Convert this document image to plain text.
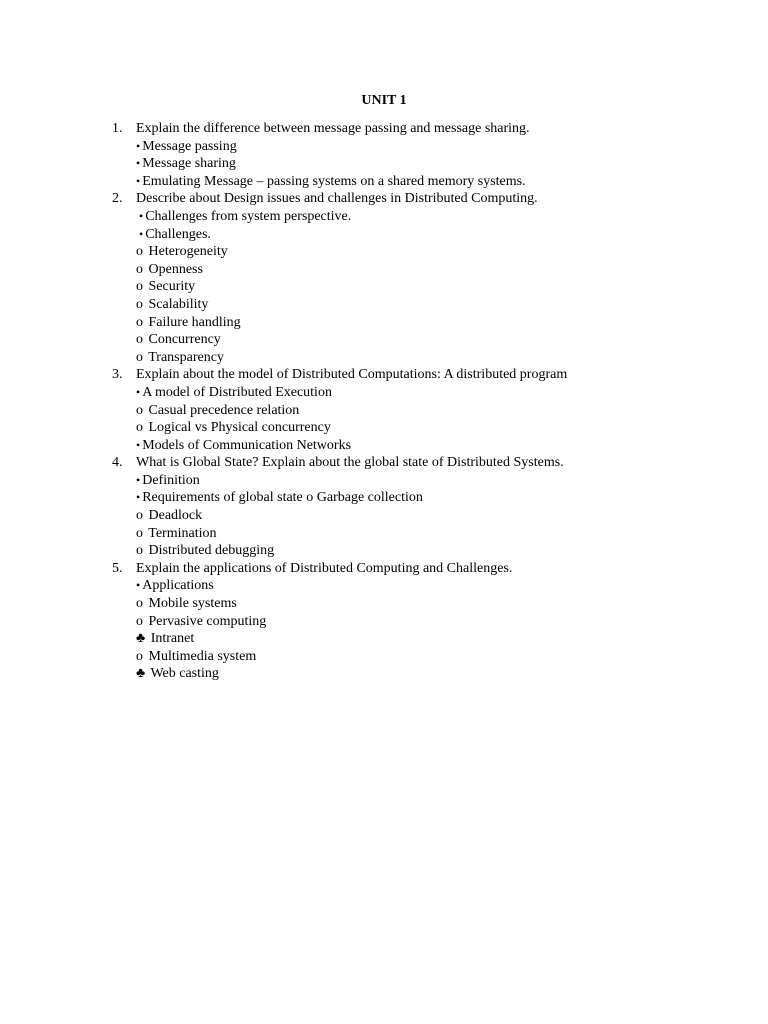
UNIT 1
1. Explain the difference between message passing and message sharing.
• Message passing
• Message sharing
• Emulating Message – passing systems on a shared memory systems.
2. Describe about Design issues and challenges in Distributed Computing.
• Challenges from system perspective.
• Challenges.
o Heterogeneity
o Openness
o Security
o Scalability
o Failure handling
o Concurrency
o Transparency
3. Explain about the model of Distributed Computations: A distributed program
• A model of Distributed Execution
o Casual precedence relation
o Logical vs Physical concurrency
• Models of Communication Networks
4. What is Global State? Explain about the global state of Distributed Systems.
• Definition
• Requirements of global state o Garbage collection
o Deadlock
o Termination
o Distributed debugging
5. Explain the applications of Distributed Computing and Challenges.
• Applications
o Mobile systems
o Pervasive computing
♣ Intranet
o Multimedia system
♣ Web casting
